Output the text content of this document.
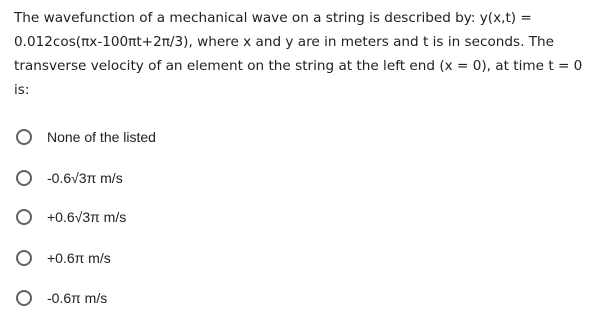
The wavefunction of a mechanical wave on a string is described by: y(x,t) =
0.012cos(πx-100πt+2π/3), where x and y are in meters and t is in seconds. The
transverse velocity of an element on the string at the left end (x = 0), at time t = 0
is:
None of the listed
-0.6√3π m/s
+0.6√3π m/s
+0.6π m/s
-0.6π m/s
